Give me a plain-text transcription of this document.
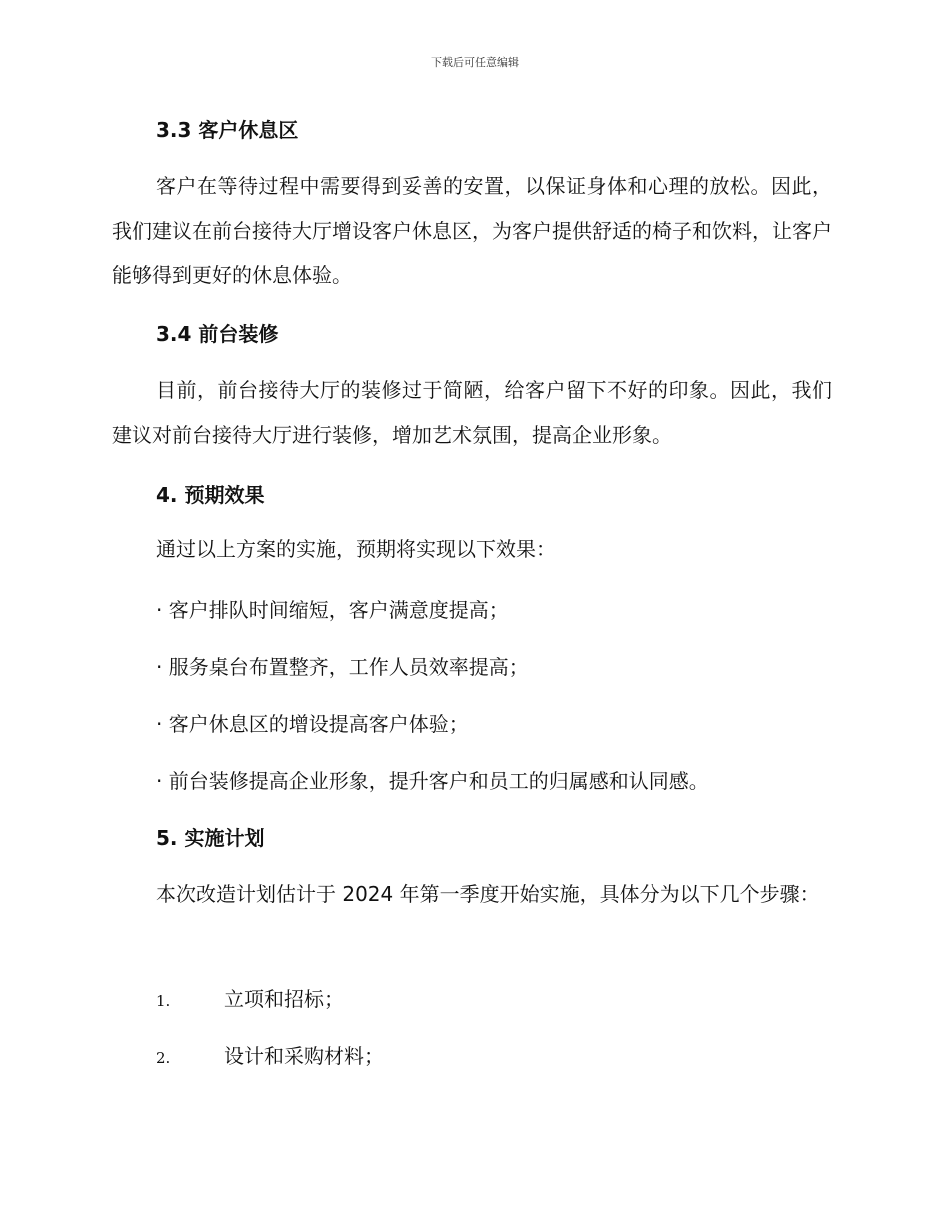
下载后可任意编辑
3.3 客户休息区

客户在等待过程中需要得到妥善的安置，以保证身体和心理的放松。因此，我们建议在前台接待大厅增设客户休息区，为客户提供舒适的椅子和饮料，让客户能够得到更好的休息体验。

3.4 前台装修

目前，前台接待大厅的装修过于简陋，给客户留下不好的印象。因此，我们建议对前台接待大厅进行装修，增加艺术氛围，提高企业形象。

4. 预期效果

通过以上方案的实施，预期将实现以下效果：

· 客户排队时间缩短，客户满意度提高；

· 服务桌台布置整齐，工作人员效率提高；

· 客户休息区的增设提高客户体验；

· 前台装修提高企业形象，提升客户和员工的归属感和认同感。

5. 实施计划

本次改造计划估计于 2024 年第一季度开始实施，具体分为以下几个步骤：

1.	立项和招标；

2.	设计和采购材料；
